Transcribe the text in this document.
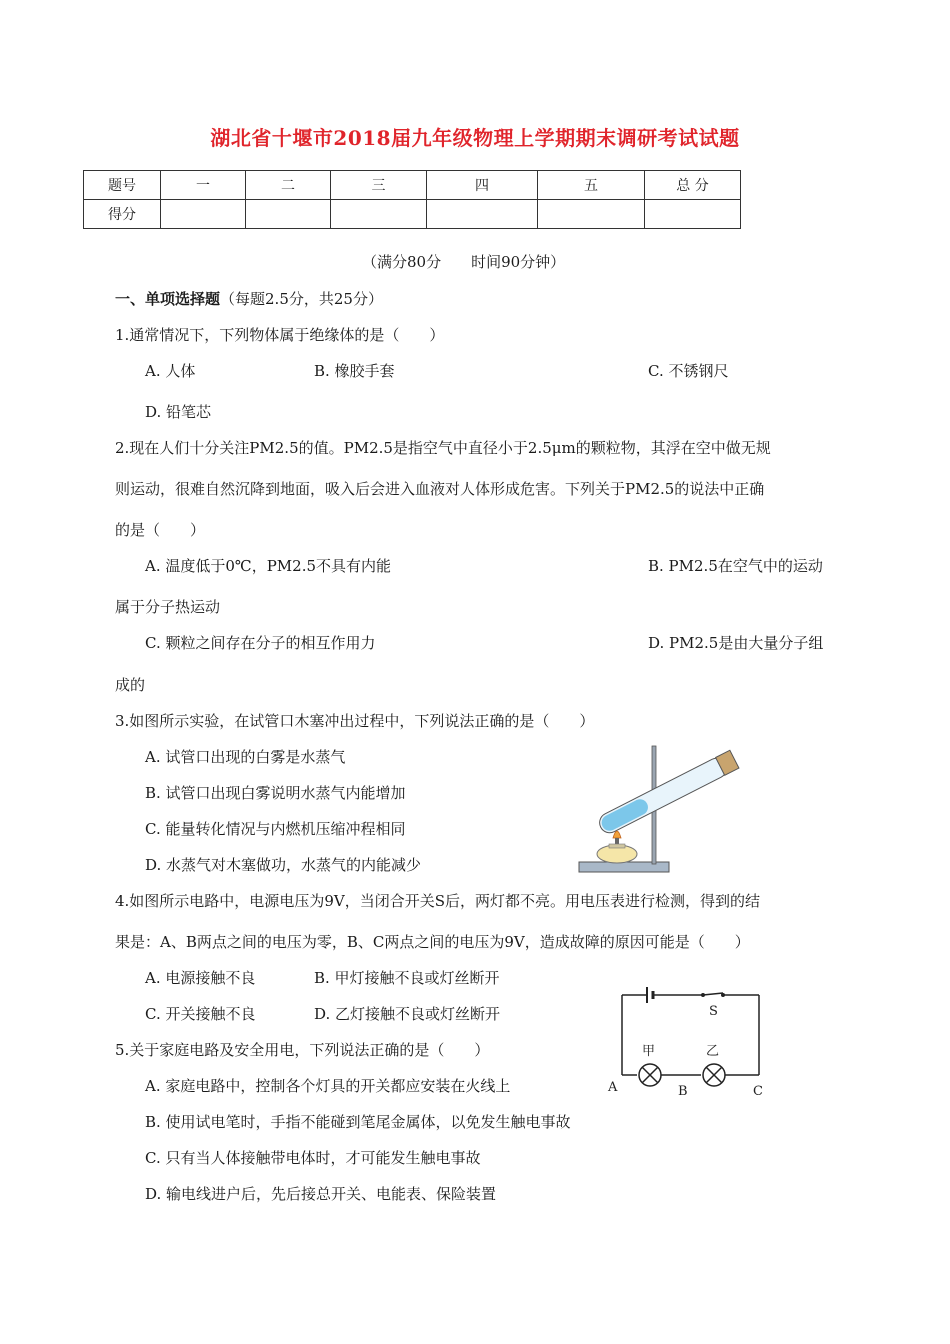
湖北省十堰市2018届九年级物理上学期期末调研考试试题
题号	一	二	三	四	五	总 分
得分						
（满分80分　　时间90分钟）
一、单项选择题（每题2.5分，共25分）
1.通常情况下，下列物体属于绝缘体的是（　　）
A. 人体	B. 橡胶手套	C. 不锈钢尺
D. 铅笔芯
2.现在人们十分关注PM2.5的值。PM2.5是指空气中直径小于2.5μm的颗粒物，其浮在空中做无规
则运动，很难自然沉降到地面，吸入后会进入血液对人体形成危害。下列关于PM2.5的说法中正确
的是（　　）
A. 温度低于0℃，PM2.5不具有内能	B. PM2.5在空气中的运动
属于分子热运动
C. 颗粒之间存在分子的相互作用力	D. PM2.5是由大量分子组
成的
3.如图所示实验，在试管口木塞冲出过程中，下列说法正确的是（　　）
A. 试管口出现的白雾是水蒸气
B. 试管口出现白雾说明水蒸气内能增加
C. 能量转化情况与内燃机压缩冲程相同
D. 水蒸气对木塞做功，水蒸气的内能减少
4.如图所示电路中，电源电压为9V，当闭合开关S后，两灯都不亮。用电压表进行检测，得到的结
果是：A、B两点之间的电压为零，B、C两点之间的电压为9V，造成故障的原因可能是（　　）
A. 电源接触不良	B. 甲灯接触不良或灯丝断开
C. 开关接触不良	D. 乙灯接触不良或灯丝断开	S
甲	乙
A	B	C
5.关于家庭电路及安全用电，下列说法正确的是（　　）
A. 家庭电路中，控制各个灯具的开关都应安装在火线上
B. 使用试电笔时，手指不能碰到笔尾金属体，以免发生触电事故
C. 只有当人体接触带电体时，才可能发生触电事故
D. 输电线进户后，先后接总开关、电能表、保险装置
